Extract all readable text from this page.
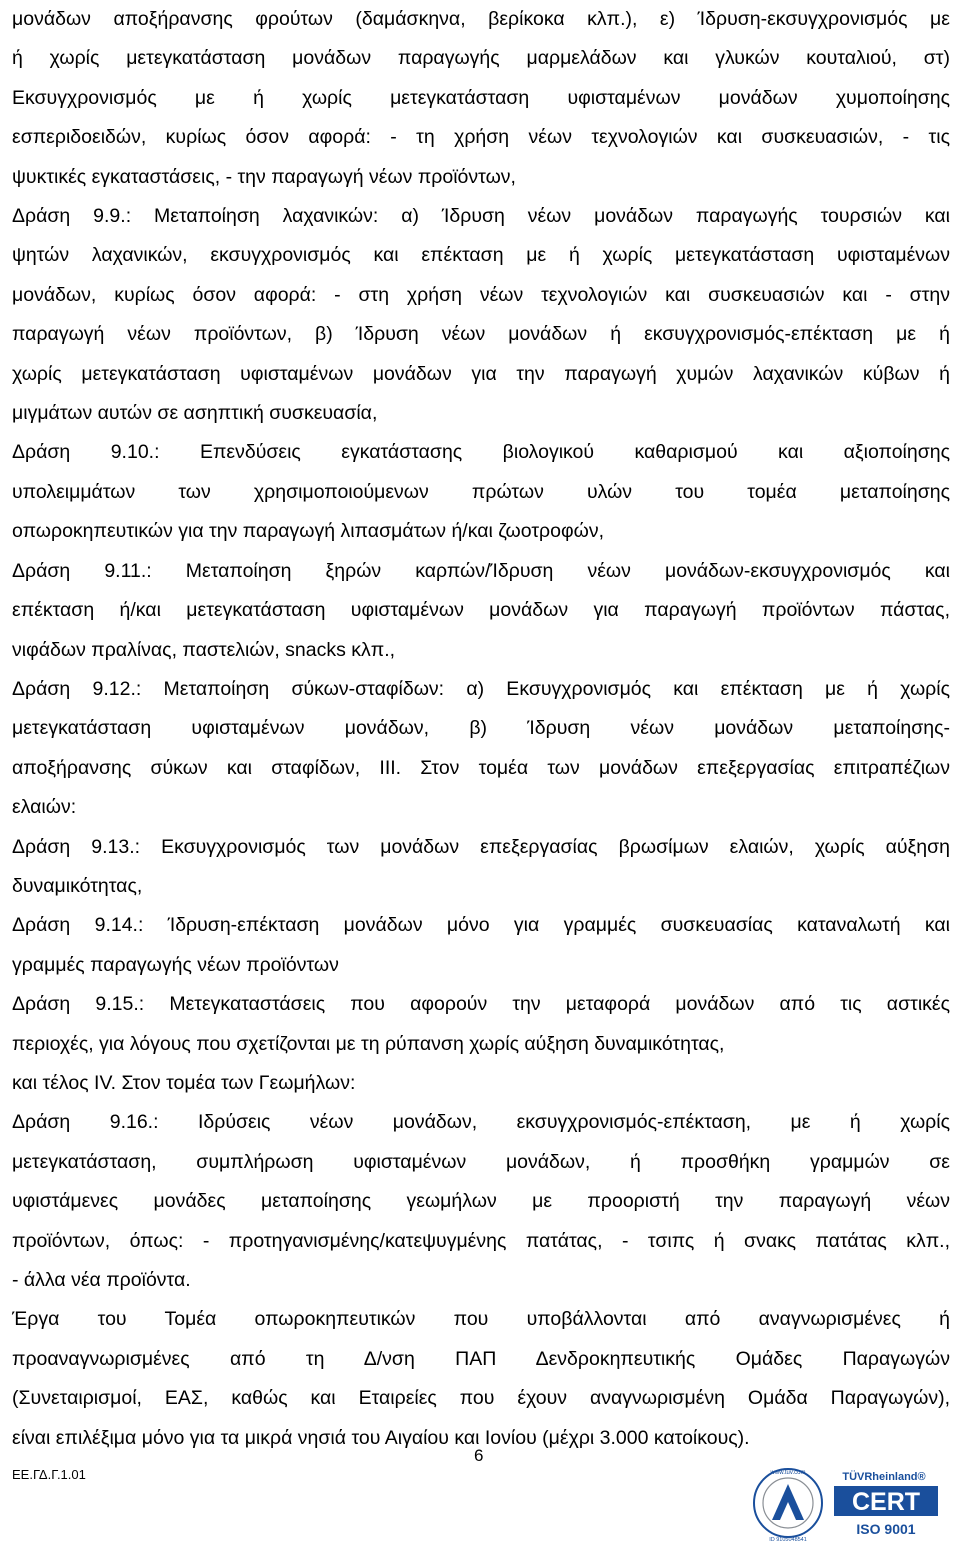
μονάδων αποξήρανσης φρούτων (δαμάσκηνα, βερίκοκα κλπ.), ε) Ίδρυση-εκσυγχρονισμός με

ή χωρίς μετεγκατάσταση μονάδων παραγωγής μαρμελάδων και γλυκών κουταλιού, στ)

Εκσυγχρονισμός με ή χωρίς μετεγκατάσταση υφισταμένων μονάδων χυμοποίησης

εσπεριδοειδών, κυρίως όσον αφορά: - τη χρήση νέων τεχνολογιών και συσκευασιών, - τις

ψυκτικές εγκαταστάσεις, - την παραγωγή νέων προϊόντων,

Δράση 9.9.: Μεταποίηση λαχανικών: α) Ίδρυση νέων μονάδων παραγωγής τουρσιών και

ψητών λαχανικών, εκσυγχρονισμός και επέκταση με ή χωρίς μετεγκατάσταση υφισταμένων

μονάδων, κυρίως όσον αφορά: - στη χρήση νέων τεχνολογιών και συσκευασιών και - στην

παραγωγή νέων προϊόντων, β) Ίδρυση νέων μονάδων ή εκσυγχρονισμός-επέκταση με ή

χωρίς μετεγκατάσταση υφισταμένων μονάδων για την παραγωγή χυμών λαχανικών κύβων ή

μιγμάτων αυτών σε ασηπτική συσκευασία,

Δράση 9.10.: Επενδύσεις εγκατάστασης βιολογικού καθαρισμού και αξιοποίησης

υπολειμμάτων των χρησιμοποιούμενων πρώτων υλών του τομέα μεταποίησης

οπωροκηπευτικών για την παραγωγή λιπασμάτων ή/και ζωοτροφών,

Δράση 9.11.: Μεταποίηση ξηρών καρπών/Ίδρυση νέων μονάδων-εκσυγχρονισμός και

επέκταση ή/και μετεγκατάσταση υφισταμένων μονάδων για παραγωγή προϊόντων πάστας,

νιφάδων πραλίνας, παστελιών, snacks κλπ.,

Δράση 9.12.: Μεταποίηση σύκων-σταφίδων: α) Εκσυγχρονισμός και επέκταση με ή χωρίς

μετεγκατάσταση υφισταμένων μονάδων, β) Ίδρυση νέων μονάδων μεταποίησης-

αποξήρανσης σύκων και σταφίδων, ΙΙΙ. Στον τομέα των μονάδων επεξεργασίας επιτραπέζιων

ελαιών:

Δράση 9.13.: Εκσυγχρονισμός των μονάδων επεξεργασίας βρωσίμων ελαιών, χωρίς αύξηση

δυναμικότητας,

Δράση 9.14.: Ίδρυση-επέκταση μονάδων μόνο για γραμμές συσκευασίας καταναλωτή και

γραμμές παραγωγής νέων προϊόντων

Δράση 9.15.: Μετεγκαταστάσεις που αφορούν την μεταφορά μονάδων από τις αστικές

περιοχές, για λόγους που σχετίζονται με τη ρύπανση χωρίς αύξηση δυναμικότητας,

και τέλος IV. Στον τομέα των Γεωμήλων:

Δράση 9.16.: Ιδρύσεις νέων μονάδων, εκσυγχρονισμός-επέκταση, με ή χωρίς

μετεγκατάσταση, συμπλήρωση υφισταμένων μονάδων, ή προσθήκη γραμμών σε

υφιστάμενες μονάδες μεταποίησης γεωμήλων με προοριστή την παραγωγή νέων

προϊόντων, όπως: - προτηγανισμένης/κατεψυγμένης πατάτας, - τσιπς ή σνακς πατάτας κλπ.,

- άλλα νέα προϊόντα.

Έργα του Τομέα οπωροκηπευτικών που υποβάλλονται από αναγνωρισμένες ή

προαναγνωρισμένες από τη Δ/νση ΠΑΠ Δενδροκηπευτικής Ομάδες Παραγωγών

(Συνεταιρισμοί, ΕΑΣ, καθώς και Εταιρείες που έχουν αναγνωρισμένη Ομάδα Παραγωγών),

είναι επιλέξιμα μόνο για τα μικρά νησιά του Αιγαίου και Ιονίου (μέχρι 3.000 κατοίκους).

ΕΕ.ΓΔ.Γ.1.01
6
www.tuv.com
ID 9105048541
TÜVRheinland®
CERT
ISO 9001
